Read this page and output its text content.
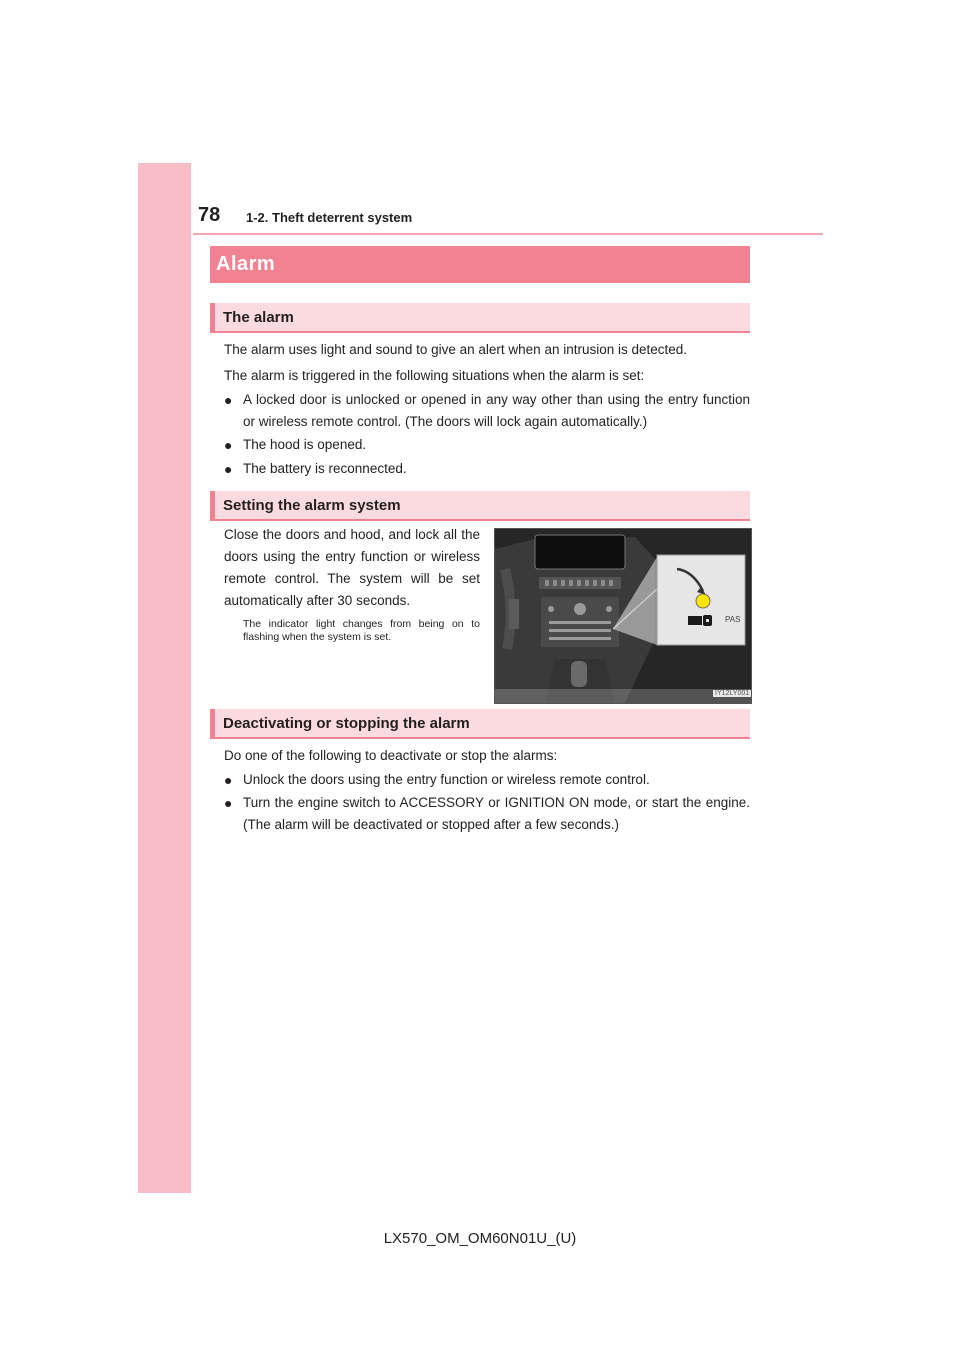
78 1-2. Theft deterrent system
Alarm
The alarm
The alarm uses light and sound to give an alert when an intrusion is detected.
The alarm is triggered in the following situations when the alarm is set:
● A locked door is unlocked or opened in any way other than using the entry function or wireless remote control. (The doors will lock again automatically.)
● The hood is opened.
● The battery is reconnected.
Setting the alarm system
Close the doors and hood, and lock all the doors using the entry function or wireless remote control. The system will be set automatically after 30 seconds.
The indicator light changes from being on to flashing when the system is set.
PAS
IY12LY001
Deactivating or stopping the alarm
Do one of the following to deactivate or stop the alarms:
● Unlock the doors using the entry function or wireless remote control.
● Turn the engine switch to ACCESSORY or IGNITION ON mode, or start the engine. (The alarm will be deactivated or stopped after a few seconds.)
LX570_OM_OM60N01U_(U)
